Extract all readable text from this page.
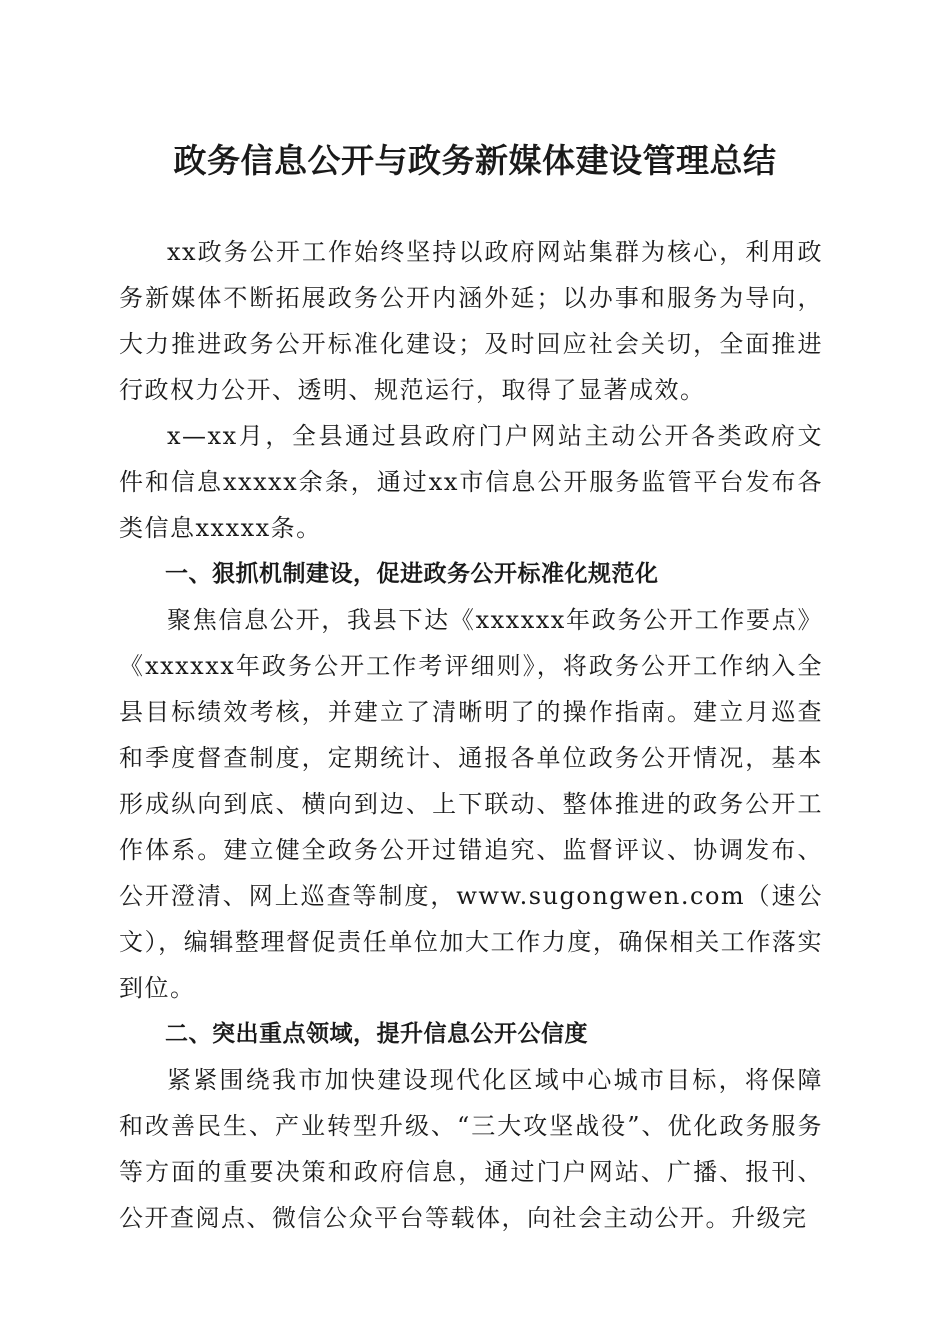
政务信息公开与政务新媒体建设管理总结

xx政务公开工作始终坚持以政府网站集群为核心，利用政务新媒体不断拓展政务公开内涵外延；以办事和服务为导向，大力推进政务公开标准化建设；及时回应社会关切，全面推进行政权力公开、透明、规范运行，取得了显著成效。

x—xx月，全县通过县政府门户网站主动公开各类政府文件和信息xxxxx余条，通过xx市信息公开服务监管平台发布各类信息xxxxx条。

一、狠抓机制建设，促进政务公开标准化规范化

聚焦信息公开，我县下达《xxxxxx年政务公开工作要点》《xxxxxx年政务公开工作考评细则》，将政务公开工作纳入全县目标绩效考核，并建立了清晰明了的操作指南。建立月巡查和季度督查制度，定期统计、通报各单位政务公开情况，基本形成纵向到底、横向到边、上下联动、整体推进的政务公开工作体系。建立健全政务公开过错追究、监督评议、协调发布、公开澄清、网上巡查等制度，www.sugongwen.com（速公文），编辑整理督促责任单位加大工作力度，确保相关工作落实到位。

二、突出重点领域，提升信息公开公信度

紧紧围绕我市加快建设现代化区域中心城市目标，将保障和改善民生、产业转型升级、“三大攻坚战役”、优化政务服务等方面的重要决策和政府信息，通过门户网站、广播、报刊、公开查阅点、微信公众平台等载体，向社会主动公开。升级完
